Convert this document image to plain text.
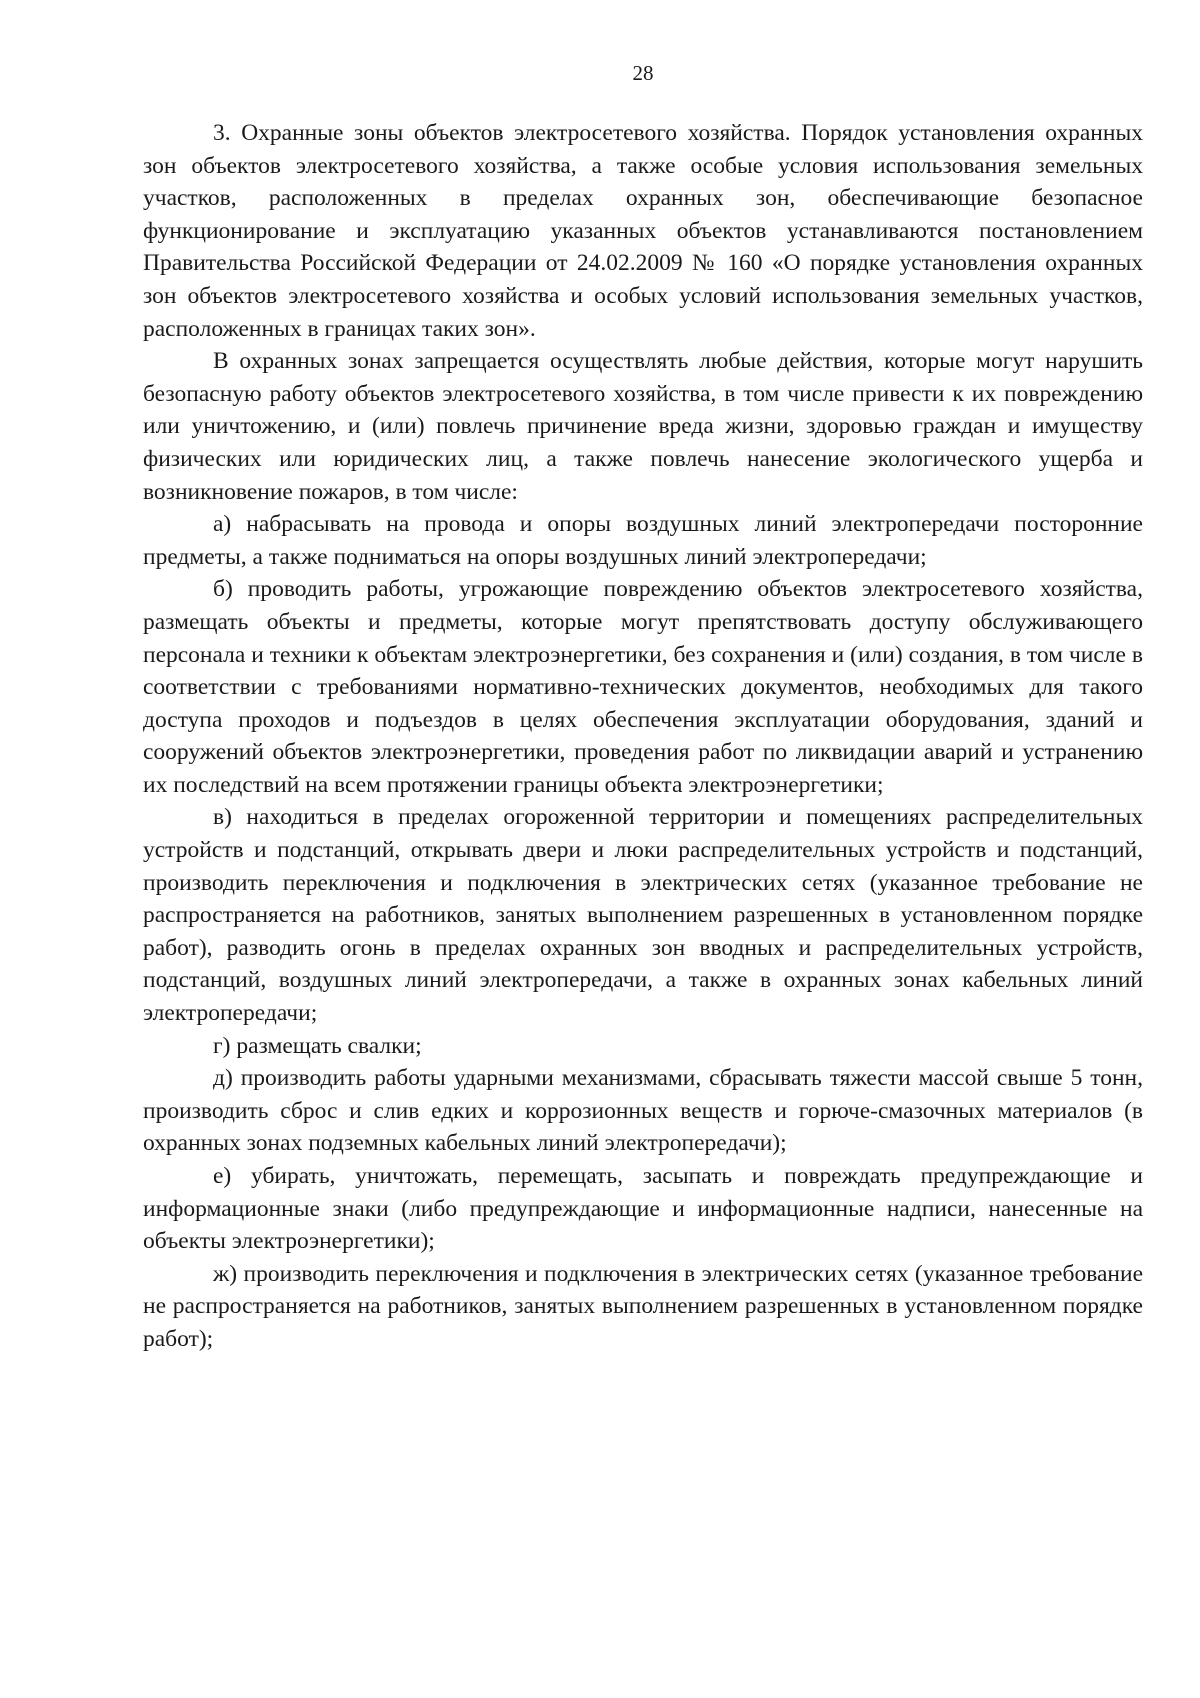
28

3. Охранные зоны объектов электросетевого хозяйства. Порядок установления охранных зон объектов электросетевого хозяйства, а также особые условия использования земельных участков, расположенных в пределах охранных зон, обеспечивающие безопасное функционирование и эксплуатацию указанных объектов устанавливаются постановлением Правительства Российской Федерации от 24.02.2009 № 160 «О порядке установления охранных зон объектов электросетевого хозяйства и особых условий использования земельных участков, расположенных в границах таких зон».

В охранных зонах запрещается осуществлять любые действия, которые могут нарушить безопасную работу объектов электросетевого хозяйства, в том числе привести к их повреждению или уничтожению, и (или) повлечь причинение вреда жизни, здоровью граждан и имуществу физических или юридических лиц, а также повлечь нанесение экологического ущерба и возникновение пожаров, в том числе:

а) набрасывать на провода и опоры воздушных линий электропередачи посторонние предметы, а также подниматься на опоры воздушных линий электропередачи;

б) проводить работы, угрожающие повреждению объектов электросетевого хозяйства, размещать объекты и предметы, которые могут препятствовать доступу обслуживающего персонала и техники к объектам электроэнергетики, без сохранения и (или) создания, в том числе в соответствии с требованиями нормативно-технических документов, необходимых для такого доступа проходов и подъездов в целях обеспечения эксплуатации оборудования, зданий и сооружений объектов электроэнергетики, проведения работ по ликвидации аварий и устранению их последствий на всем протяжении границы объекта электроэнергетики;

в) находиться в пределах огороженной территории и помещениях распределительных устройств и подстанций, открывать двери и люки распределительных устройств и подстанций, производить переключения и подключения в электрических сетях (указанное требование не распространяется на работников, занятых выполнением разрешенных в установленном порядке работ), разводить огонь в пределах охранных зон вводных и распределительных устройств, подстанций, воздушных линий электропередачи, а также в охранных зонах кабельных линий электропередачи;

г) размещать свалки;

д) производить работы ударными механизмами, сбрасывать тяжести массой свыше 5 тонн, производить сброс и слив едких и коррозионных веществ и горюче-смазочных материалов (в охранных зонах подземных кабельных линий электропередачи);

е) убирать, уничтожать, перемещать, засыпать и повреждать предупреждающие и информационные знаки (либо предупреждающие и информационные надписи, нанесенные на объекты электроэнергетики);

ж) производить переключения и подключения в электрических сетях (указанное требование не распространяется на работников, занятых выполнением разрешенных в установленном порядке работ);
